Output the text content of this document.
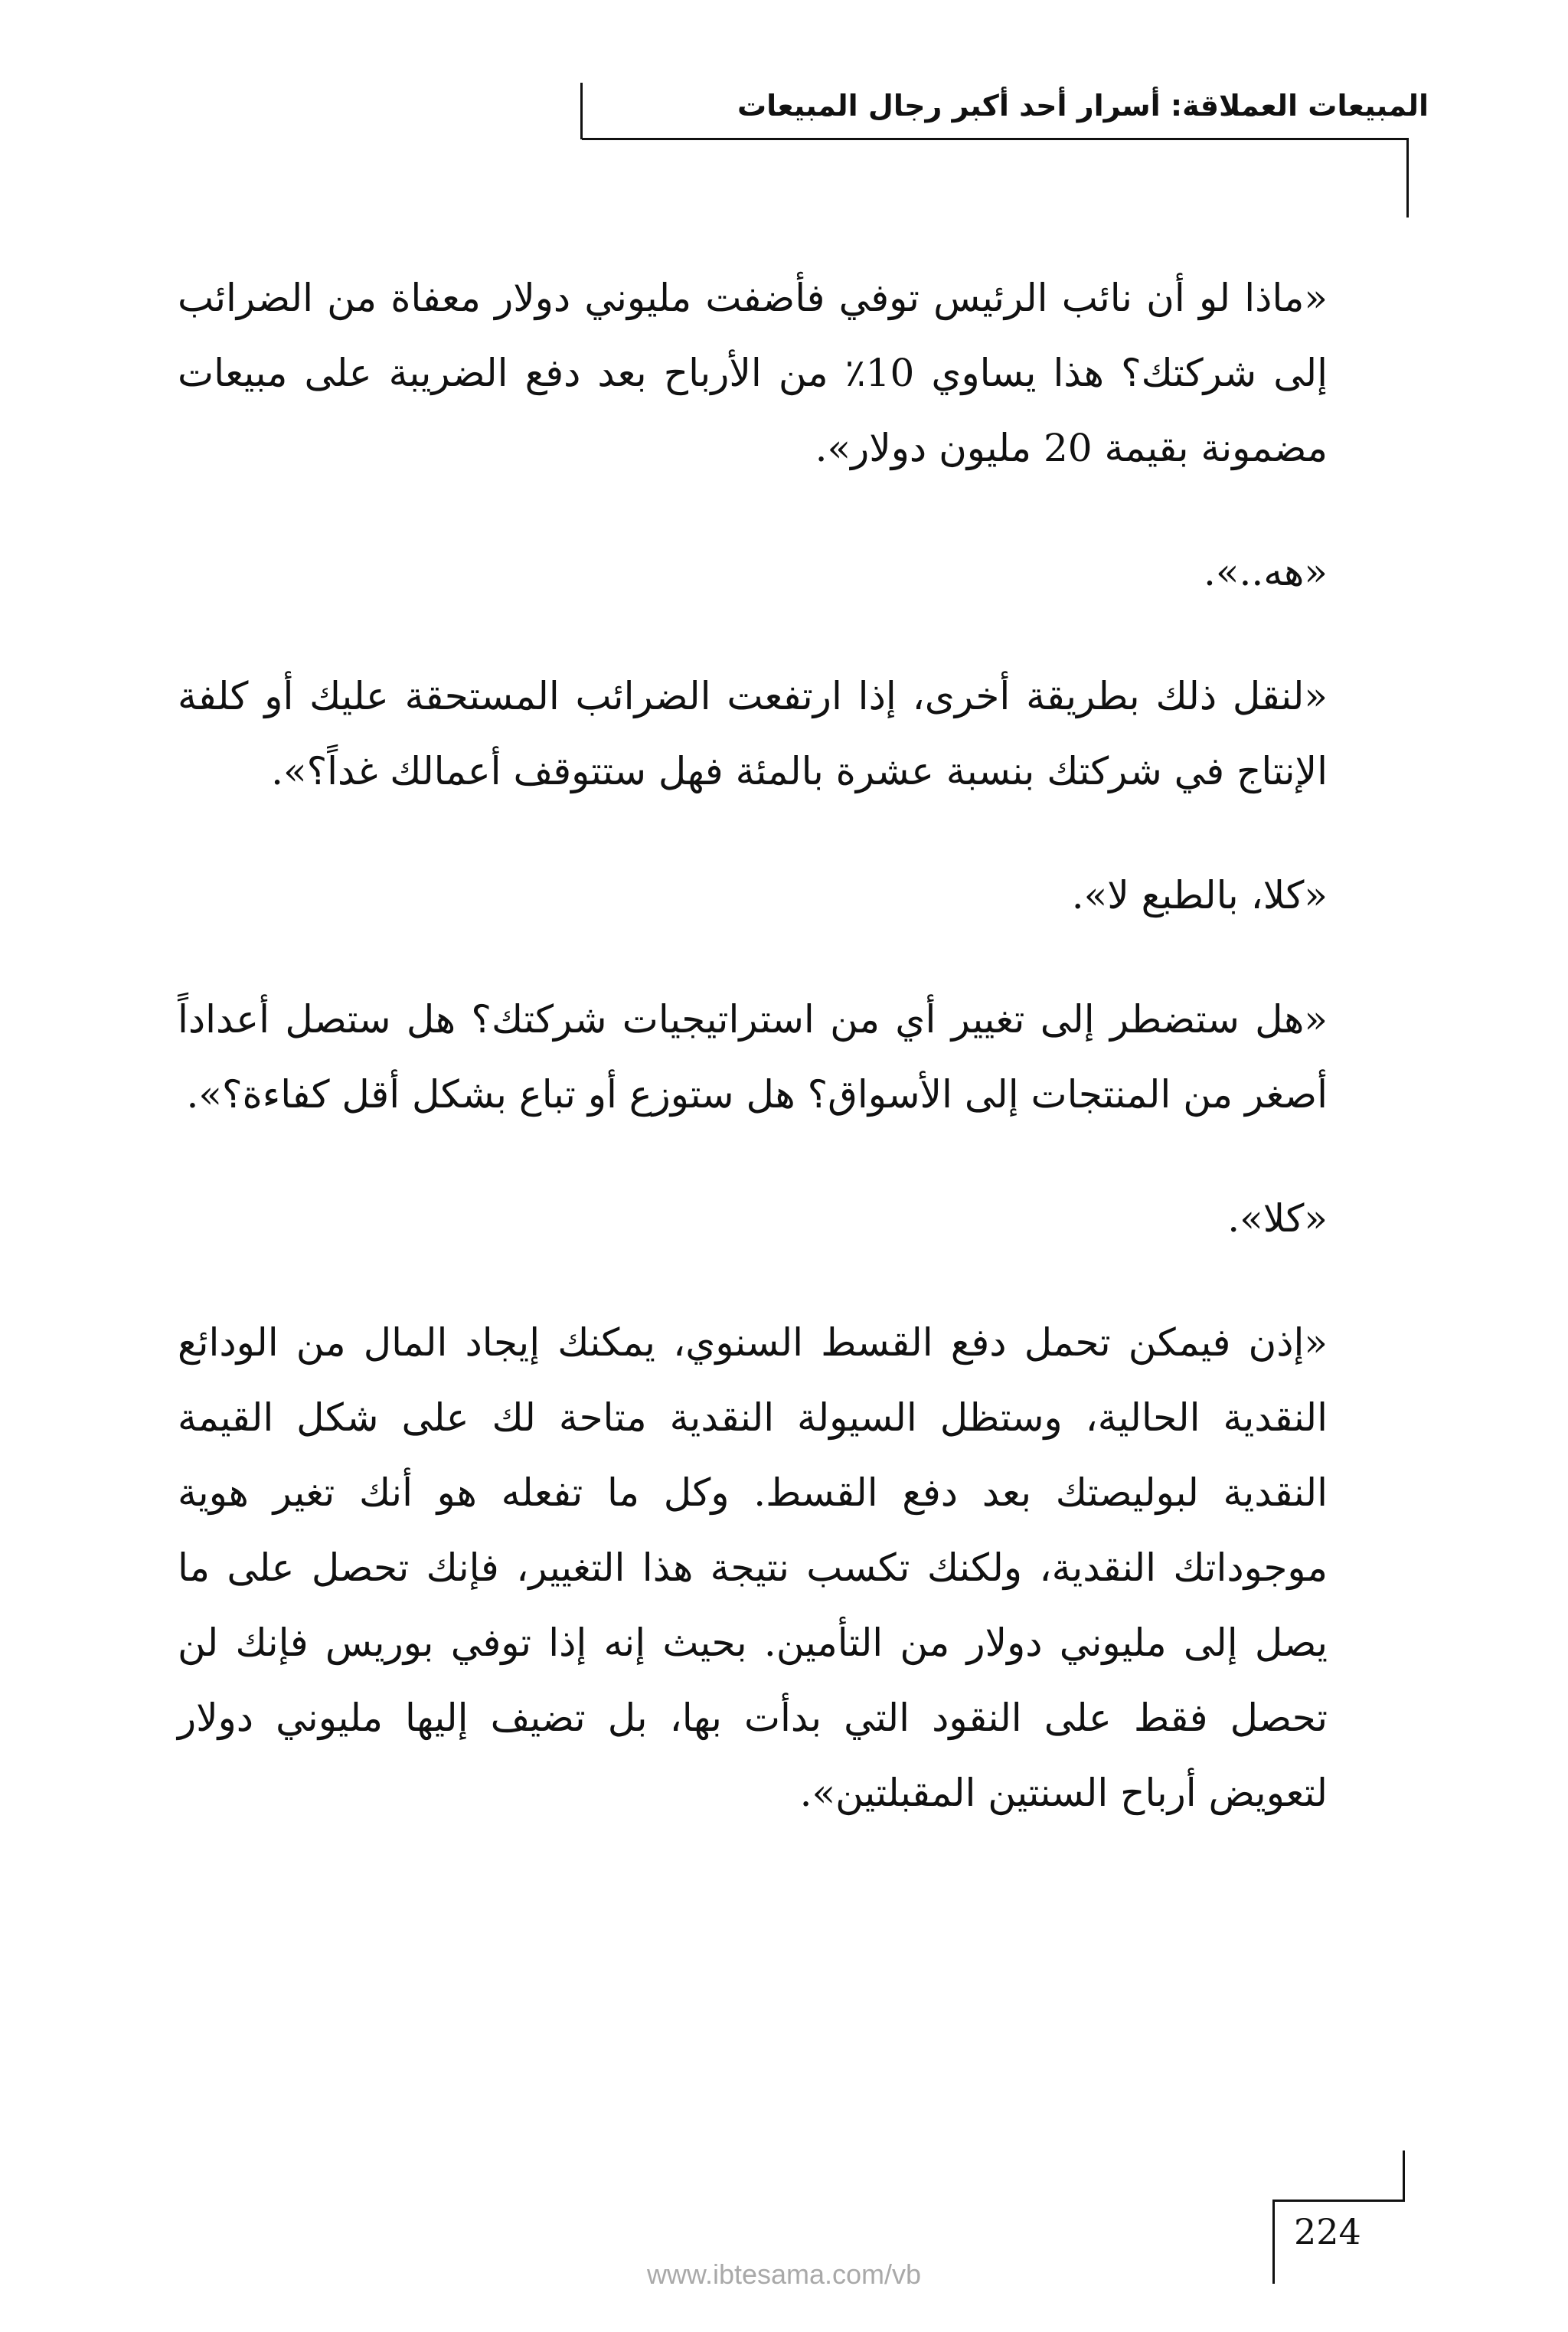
المبيعات العملاقة: أسرار أحد أكبر رجال المبيعات

«ماذا لو أن نائب الرئيس توفي فأضفت مليوني دولار معفاة من الضرائب إلى شركتك؟ هذا يساوي 10٪ من الأرباح بعد دفع الضريبة على مبيعات مضمونة بقيمة 20 مليون دولار».

«هه..».

«لنقل ذلك بطريقة أخرى، إذا ارتفعت الضرائب المستحقة عليك أو كلفة الإنتاج في شركتك بنسبة عشرة بالمئة فهل ستتوقف أعمالك غداً؟».

«كلا، بالطبع لا».

«هل ستضطر إلى تغيير أي من استراتيجيات شركتك؟ هل ستصل أعداداً أصغر من المنتجات إلى الأسواق؟ هل ستوزع أو تباع بشكل أقل كفاءة؟».

«كلا».

«إذن فيمكن تحمل دفع القسط السنوي، يمكنك إيجاد المال من الودائع النقدية الحالية، وستظل السيولة النقدية متاحة لك على شكل القيمة النقدية لبوليصتك بعد دفع القسط. وكل ما تفعله هو أنك تغير هوية موجوداتك النقدية، ولكنك تكسب نتيجة هذا التغيير، فإنك تحصل على ما يصل إلى مليوني دولار من التأمين. بحيث إنه إذا توفي بوريس فإنك لن تحصل فقط على النقود التي بدأت بها، بل تضيف إليها مليوني دولار لتعويض أرباح السنتين المقبلتين».

224
www.ibtesama.com/vb
